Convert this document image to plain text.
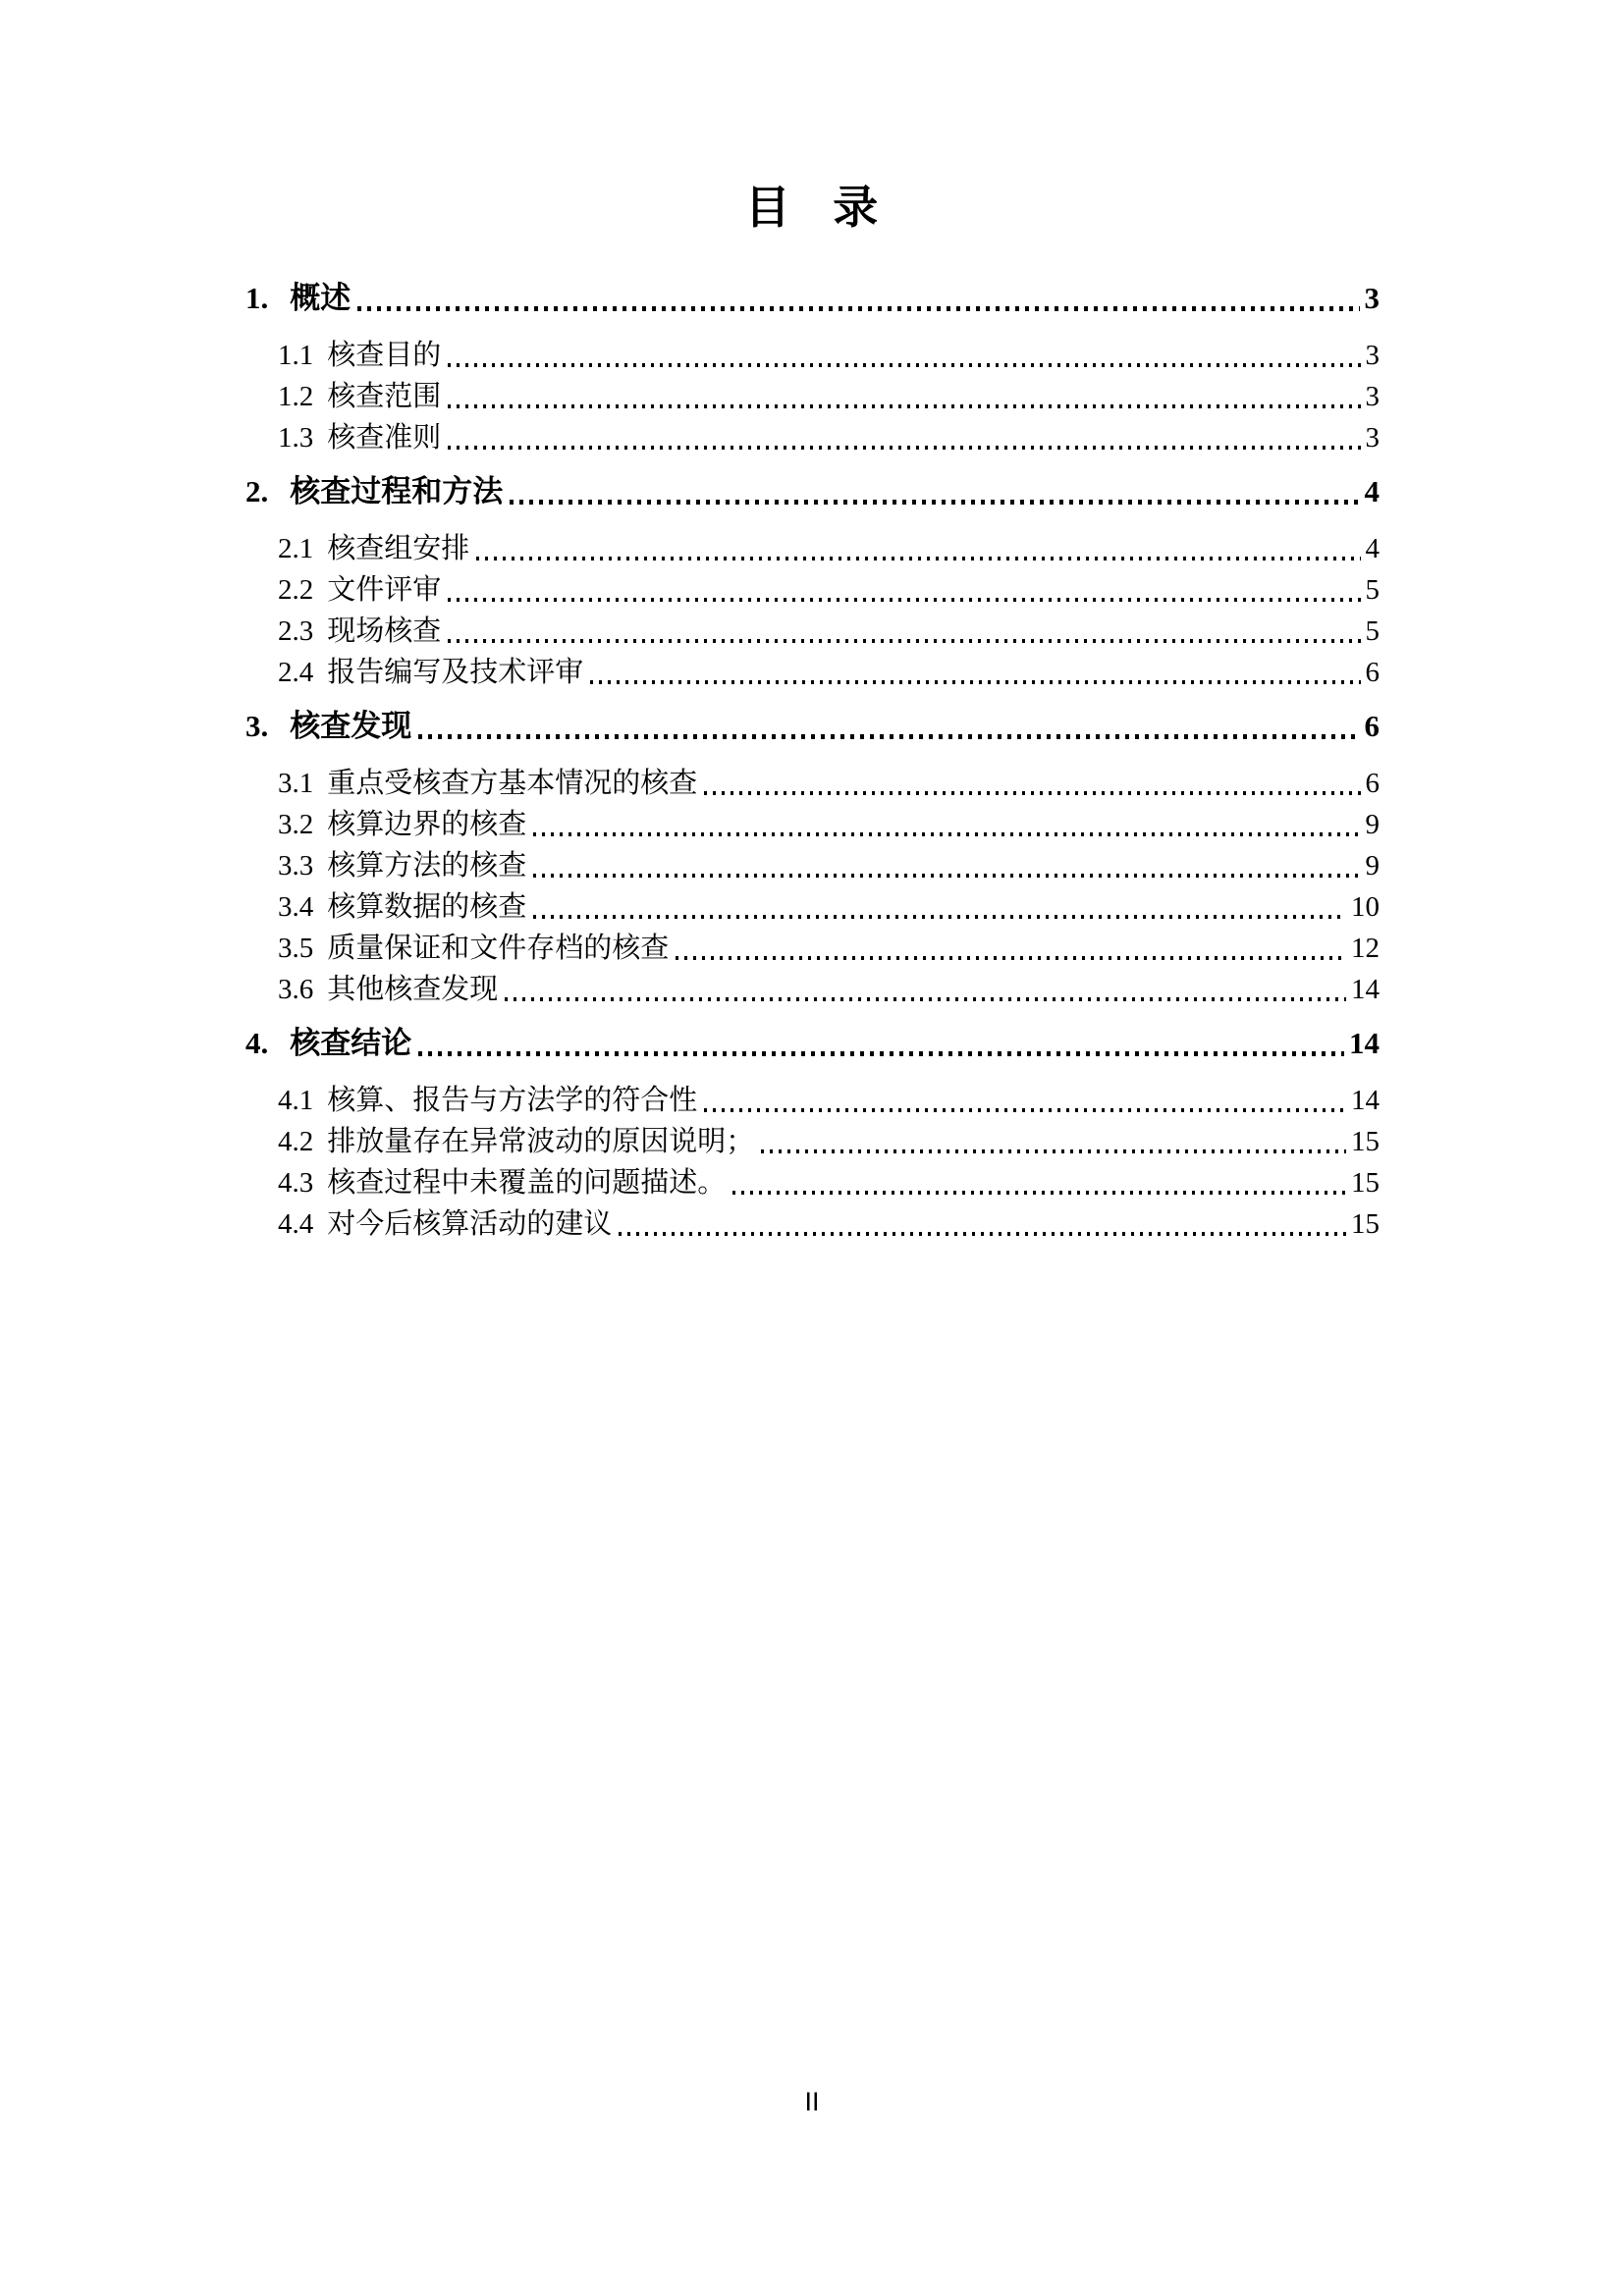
目 录
1. 概述	3
1.1 核查目的	3
1.2 核查范围	3
1.3 核查准则	3
2. 核查过程和方法	4
2.1 核查组安排	4
2.2 文件评审	5
2.3 现场核查	5
2.4 报告编写及技术评审	6
3. 核查发现	6
3.1 重点受核查方基本情况的核查	6
3.2 核算边界的核查	9
3.3 核算方法的核查	9
3.4 核算数据的核查	10
3.5 质量保证和文件存档的核查	12
3.6 其他核查发现	14
4. 核查结论	14
4.1 核算、报告与方法学的符合性	14
4.2 排放量存在异常波动的原因说明；	15
4.3 核查过程中未覆盖的问题描述。	15
4.4 对今后核算活动的建议	15
II
